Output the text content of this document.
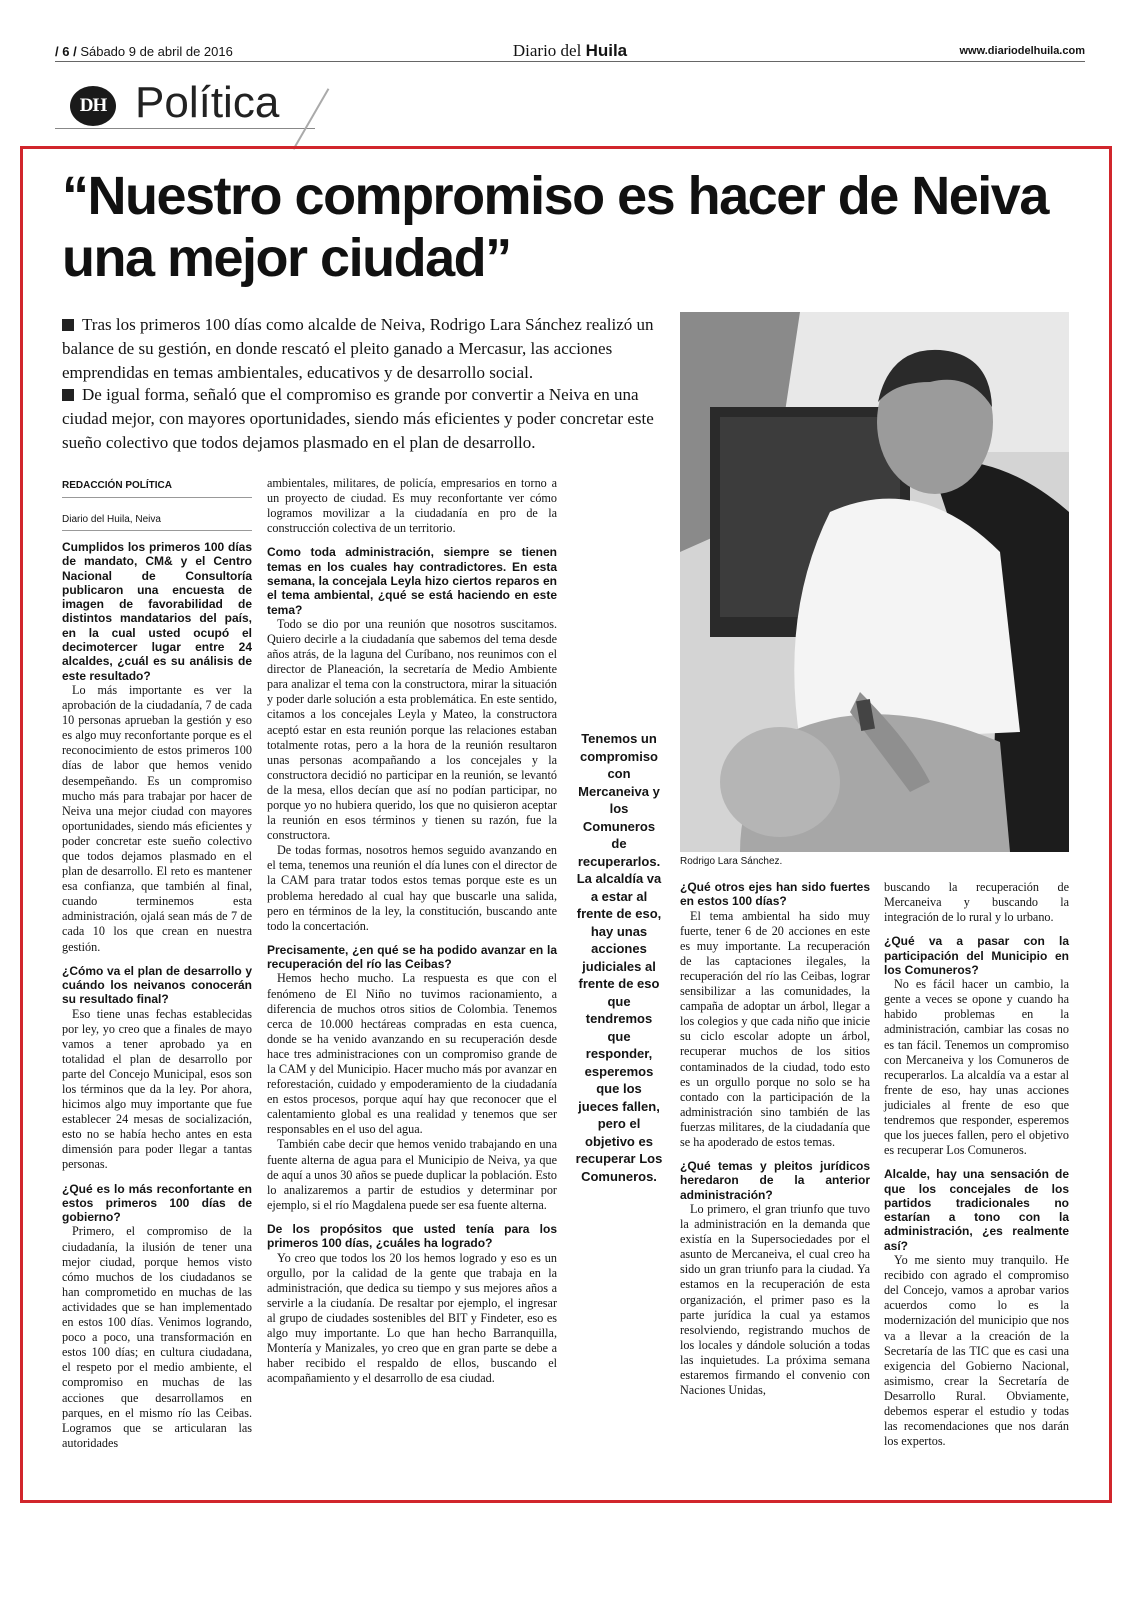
/ 6 / Sábado 9 de abril de 2016	Diario del Huila	www.diariodelhuila.com
DH Política
“Nuestro compromiso es hacer de Neiva una mejor ciudad”

Tras los primeros 100 días como alcalde de Neiva, Rodrigo Lara Sánchez realizó un balance de su gestión, en donde rescató el pleito ganado a Mercasur, las acciones emprendidas en temas ambientales, educativos y de desarrollo social.

De igual forma, señaló que el compromiso es grande por convertir a Neiva en una ciudad mejor, con mayores oportunidades, siendo más eficientes y poder concretar este sueño colectivo que todos dejamos plasmado en el plan de desarrollo.

Rodrigo Lara Sánchez.
REDACCIÓN POLÍTICA
Diario del Huila, Neiva

Cumplidos los primeros 100 días de mandato, CM& y el Centro Nacional de Consultoría publicaron una encuesta de imagen de favorabilidad de distintos mandatarios del país, en la cual usted ocupó el decimotercer lugar entre 24 alcaldes, ¿cuál es su análisis de este resultado?

Lo más importante es ver la aprobación de la ciudadanía, 7 de cada 10 personas aprueban la gestión y eso es algo muy reconfortante porque es el reconocimiento de estos primeros 100 días de labor que hemos venido desempeñando. Es un compromiso mucho más para trabajar por hacer de Neiva una mejor ciudad con mayores oportunidades, siendo más eficientes y poder concretar este sueño colectivo que todos dejamos plasmado en el plan de desarrollo. El reto es mantener esa confianza, que también al final, cuando terminemos esta administración, ojalá sean más de 7 de cada 10 los que crean en nuestra gestión.

¿Cómo va el plan de desarrollo y cuándo los neivanos conocerán su resultado final?

Eso tiene unas fechas establecidas por ley, yo creo que a finales de mayo vamos a tener aprobado ya en totalidad el plan de desarrollo por parte del Concejo Municipal, esos son los términos que da la ley. Por ahora, hicimos algo muy importante que fue establecer 24 mesas de socialización, esto no se había hecho antes en esta dimensión para poder llegar a tantas personas.

¿Qué es lo más reconfortante en estos primeros 100 días de gobierno?

Primero, el compromiso de la ciudadanía, la ilusión de tener una mejor ciudad, porque hemos visto cómo muchos de los ciudadanos se han comprometido en muchas de las actividades que se han implementado en estos 100 días. Venimos logrando, poco a poco, una transformación en estos 100 días; en cultura ciudadana, el respeto por el medio ambiente, el compromiso en muchas de las acciones que desarrollamos en parques, en el mismo río las Ceibas. Logramos que se articularan las autoridades

ambientales, militares, de policía, empresarios en torno a un proyecto de ciudad. Es muy reconfortante ver cómo logramos movilizar a la ciudadanía en pro de la construcción colectiva de un territorio.

Como toda administración, siempre se tienen temas en los cuales hay contradictores. En esta semana, la concejala Leyla hizo ciertos reparos en el tema ambiental, ¿qué se está haciendo en este tema?

Todo se dio por una reunión que nosotros suscitamos. Quiero decirle a la ciudadanía que sabemos del tema desde años atrás, de la laguna del Curíbano, nos reunimos con el director de Planeación, la secretaría de Medio Ambiente para analizar el tema con la constructora, mirar la situación y poder darle solución a esta problemática. En este sentido, citamos a los concejales Leyla y Mateo, la constructora aceptó estar en esta reunión porque las relaciones estaban totalmente rotas, pero a la hora de la reunión resultaron unas personas acompañando a los concejales y la constructora decidió no participar en la reunión, se levantó de la mesa, ellos decían que así no podían participar, no porque yo no hubiera querido, los que no quisieron aceptar la reunión en esos términos y tienen su razón, fue la constructora.

De todas formas, nosotros hemos seguido avanzando en el tema, tenemos una reunión el día lunes con el director de la CAM para tratar todos estos temas porque este es un problema heredado al cual hay que buscarle una salida, pero en términos de la ley, la constitución, buscando ante todo la concertación.

Precisamente, ¿en qué se ha podido avanzar en la recuperación del río las Ceibas?

Hemos hecho mucho. La respuesta es que con el fenómeno de El Niño no tuvimos racionamiento, a diferencia de muchos otros sitios de Colombia. Tenemos cerca de 10.000 hectáreas compradas en esta cuenca, donde se ha venido avanzando en su recuperación desde hace tres administraciones con un compromiso grande de la CAM y del Municipio. Hacer mucho más por avanzar en reforestación, cuidado y empoderamiento de la ciudadanía en estos procesos, porque aquí hay que reconocer que el calentamiento global es una realidad y tenemos que ser responsables en el uso del agua.

También cabe decir que hemos venido trabajando en una fuente alterna de agua para el Municipio de Neiva, ya que de aquí a unos 30 años se puede duplicar la población. Esto lo analizaremos a partir de estudios y determinar por ejemplo, si el río Magdalena puede ser esa fuente alterna.

De los propósitos que usted tenía para los primeros 100 días, ¿cuáles ha logrado?

Yo creo que todos los 20 los hemos logrado y eso es un orgullo, por la calidad de la gente que trabaja en la administración, que dedica su tiempo y sus mejores años a servirle a la ciudanía. De resaltar por ejemplo, el ingresar al grupo de ciudades sostenibles del BIT y Findeter, eso es algo muy importante. Lo que han hecho Barranquilla, Montería y Manizales, yo creo que en gran parte se debe a haber recibido el respaldo de ellos, buscando el acompañamiento y el desarrollo de esa ciudad.

Tenemos un compromiso con Mercaneiva y los Comuneros de recuperarlos. La alcaldía va a estar al frente de eso, hay unas acciones judiciales al frente de eso que tendremos que responder, esperemos que los jueces fallen, pero el objetivo es recuperar Los Comuneros.

¿Qué otros ejes han sido fuertes en estos 100 días?

El tema ambiental ha sido muy fuerte, tener 6 de 20 acciones en este es muy importante. La recuperación de las captaciones ilegales, la recuperación del río las Ceibas, lograr sensibilizar a las comunidades, la campaña de adoptar un árbol, llegar a los colegios y que cada niño que inicie su ciclo escolar adopte un árbol, recuperar muchos de los sitios contaminados de la ciudad, todo esto es un orgullo porque no solo se ha contado con la participación de la administración sino también de las fuerzas militares, de la ciudadanía que se ha apoderado de estos temas.

¿Qué temas y pleitos jurídicos heredaron de la anterior administración?

Lo primero, el gran triunfo que tuvo la administración en la demanda que existía en la Supersociedades por el asunto de Mercaneiva, el cual creo ha sido un gran triunfo para la ciudad. Ya estamos en la recuperación de esta organización, el primer paso es la parte jurídica la cual ya estamos resolviendo, registrando muchos de los locales y dándole solución a todas las inquietudes. La próxima semana estaremos firmando el convenio con Naciones Unidas,

buscando la recuperación de Mercaneiva y buscando la integración de lo rural y lo urbano.

¿Qué va a pasar con la participación del Municipio en los Comuneros?

No es fácil hacer un cambio, la gente a veces se opone y cuando ha habido problemas en la administración, cambiar las cosas no es tan fácil. Tenemos un compromiso con Mercaneiva y los Comuneros de recuperarlos. La alcaldía va a estar al frente de eso, hay unas acciones judiciales al frente de eso que tendremos que responder, esperemos que los jueces fallen, pero el objetivo es recuperar Los Comuneros.

Alcalde, hay una sensación de que los concejales de los partidos tradicionales no estarían a tono con la administración, ¿es realmente así?

Yo me siento muy tranquilo. He recibido con agrado el compromiso del Concejo, vamos a aprobar varios acuerdos como lo es la modernización del municipio que nos va a llevar a la creación de la Secretaría de las TIC que es casi una exigencia del Gobierno Nacional, asimismo, crear la Secretaría de Desarrollo Rural. Obviamente, debemos esperar el estudio y todas las recomendaciones que nos darán los expertos.
